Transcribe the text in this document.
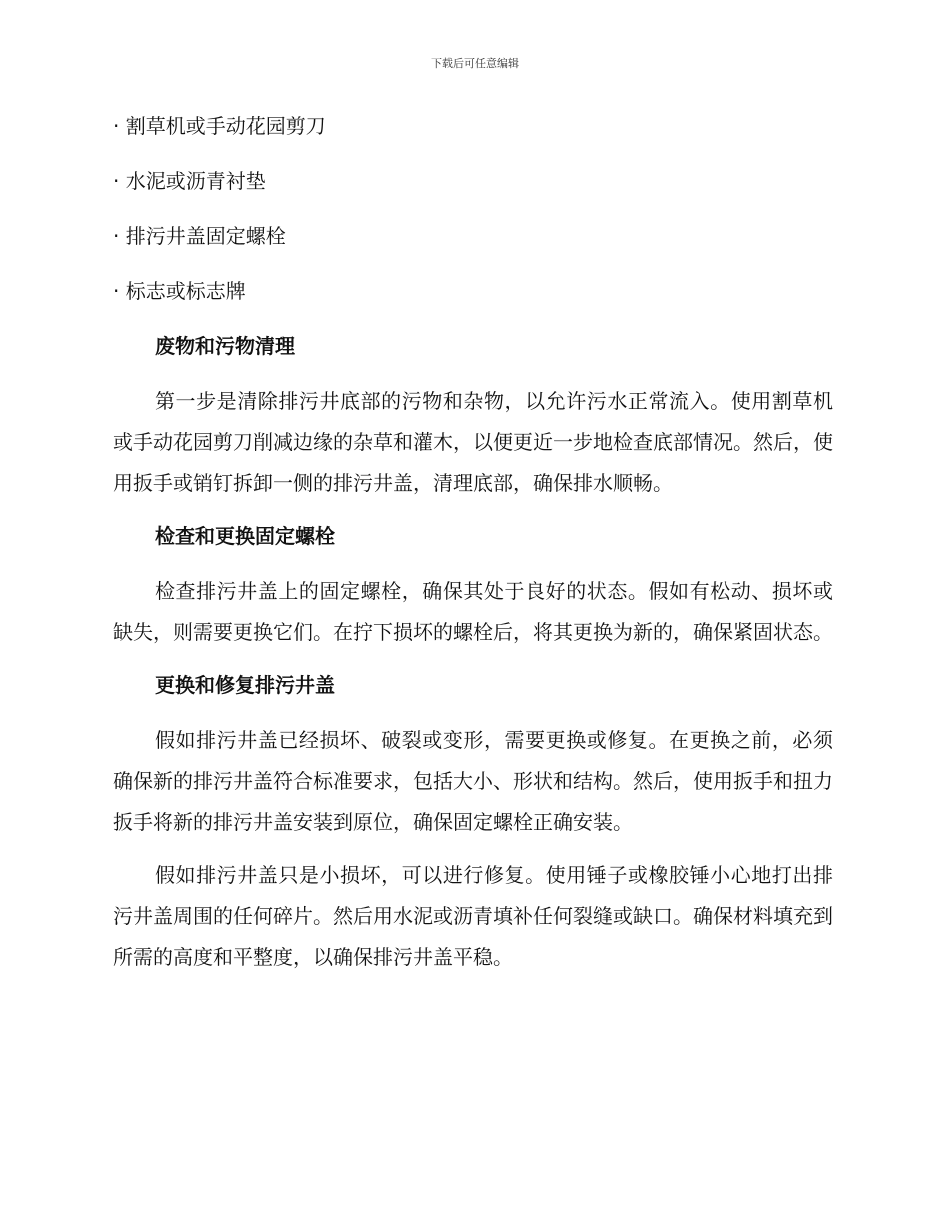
下载后可任意编辑
· 割草机或手动花园剪刀
· 水泥或沥青衬垫
· 排污井盖固定螺栓
· 标志或标志牌
废物和污物清理
第一步是清除排污井底部的污物和杂物，以允许污水正常流入。使用割草机或手动花园剪刀削减边缘的杂草和灌木，以便更近一步地检查底部情况。然后，使用扳手或销钉拆卸一侧的排污井盖，清理底部，确保排水顺畅。
检查和更换固定螺栓
检查排污井盖上的固定螺栓，确保其处于良好的状态。假如有松动、损坏或缺失，则需要更换它们。在拧下损坏的螺栓后，将其更换为新的，确保紧固状态。
更换和修复排污井盖
假如排污井盖已经损坏、破裂或变形，需要更换或修复。在更换之前，必须确保新的排污井盖符合标准要求，包括大小、形状和结构。然后，使用扳手和扭力扳手将新的排污井盖安装到原位，确保固定螺栓正确安装。
假如排污井盖只是小损坏，可以进行修复。使用锤子或橡胶锤小心地打出排污井盖周围的任何碎片。然后用水泥或沥青填补任何裂缝或缺口。确保材料填充到所需的高度和平整度，以确保排污井盖平稳。
